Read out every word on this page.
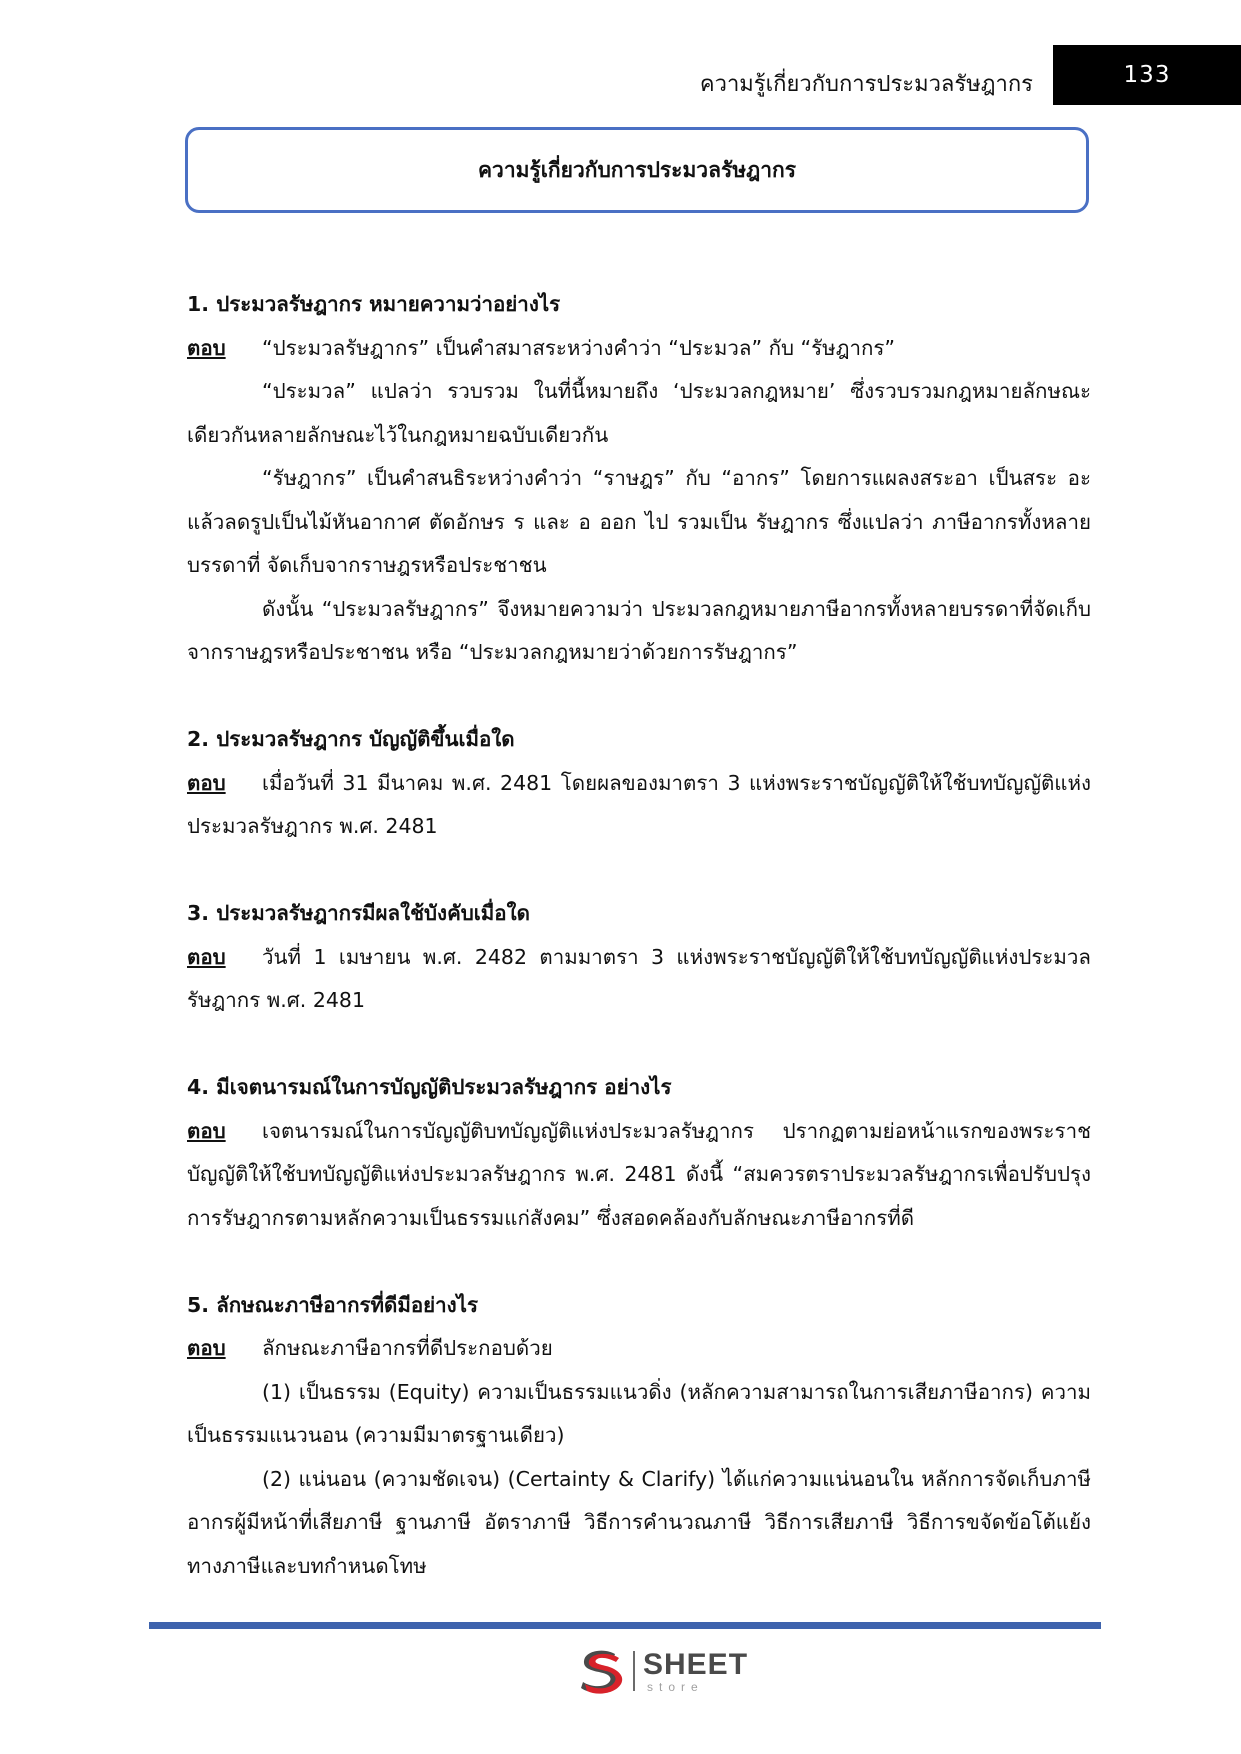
ความรู้เกี่ยวกับการประมวลรัษฎากร	133
ความรู้เกี่ยวกับการประมวลรัษฎากร

1. ประมวลรัษฎากร หมายความว่าอย่างไร

ตอบ “ประมวลรัษฎากร” เป็นคำสมาสระหว่างคำว่า “ประมวล” กับ “รัษฎากร”

“ประมวล” แปลว่า รวบรวม ในที่นี้หมายถึง ‘ประมวลกฎหมาย’ ซึ่งรวบรวมกฎหมายลักษณะเดียวกันหลายลักษณะไว้ในกฎหมายฉบับเดียวกัน

“รัษฎากร” เป็นคำสนธิระหว่างคำว่า “ราษฎร” กับ “อากร” โดยการแผลงสระอา เป็นสระ อะ แล้วลดรูปเป็นไม้หันอากาศ ตัดอักษร ร และ อ ออก ไป รวมเป็น รัษฎากร ซึ่งแปลว่า ภาษีอากรทั้งหลายบรรดาที่ จัดเก็บจากราษฎรหรือประชาชน

ดังนั้น “ประมวลรัษฎากร” จึงหมายความว่า ประมวลกฎหมายภาษีอากรทั้งหลายบรรดาที่จัดเก็บจากราษฎรหรือประชาชน หรือ “ประมวลกฎหมายว่าด้วยการรัษฎากร”

2. ประมวลรัษฎากร บัญญัติขึ้นเมื่อใด

ตอบ เมื่อวันที่ 31 มีนาคม พ.ศ. 2481 โดยผลของมาตรา 3 แห่งพระราชบัญญัติให้ใช้บทบัญญัติแห่งประมวลรัษฎากร พ.ศ. 2481

3. ประมวลรัษฎากรมีผลใช้บังคับเมื่อใด

ตอบ วันที่ 1 เมษายน พ.ศ. 2482 ตามมาตรา 3 แห่งพระราชบัญญัติให้ใช้บทบัญญัติแห่งประมวลรัษฎากร พ.ศ. 2481

4. มีเจตนารมณ์ในการบัญญัติประมวลรัษฎากร อย่างไร

ตอบ เจตนารมณ์ในการบัญญัติบทบัญญัติแห่งประมวลรัษฎากร ปรากฏตามย่อหน้าแรกของพระราชบัญญัติให้ใช้บทบัญญัติแห่งประมวลรัษฎากร พ.ศ. 2481 ดังนี้ “สมควรตราประมวลรัษฎากรเพื่อปรับปรุงการรัษฎากรตามหลักความเป็นธรรมแก่สังคม” ซึ่งสอดคล้องกับลักษณะภาษีอากรที่ดี

5. ลักษณะภาษีอากรที่ดีมีอย่างไร

ตอบ ลักษณะภาษีอากรที่ดีประกอบด้วย

(1) เป็นธรรม (Equity) ความเป็นธรรมแนวดิ่ง (หลักความสามารถในการเสียภาษีอากร) ความเป็นธรรมแนวนอน (ความมีมาตรฐานเดียว)

(2) แน่นอน (ความชัดเจน) (Certainty & Clarify) ได้แก่ความแน่นอนใน หลักการจัดเก็บภาษีอากรผู้มีหน้าที่เสียภาษี ฐานภาษี อัตราภาษี วิธีการคำนวณภาษี วิธีการเสียภาษี วิธีการขจัดข้อโต้แย้งทางภาษีและบทกำหนดโทษ

SHEET
store
